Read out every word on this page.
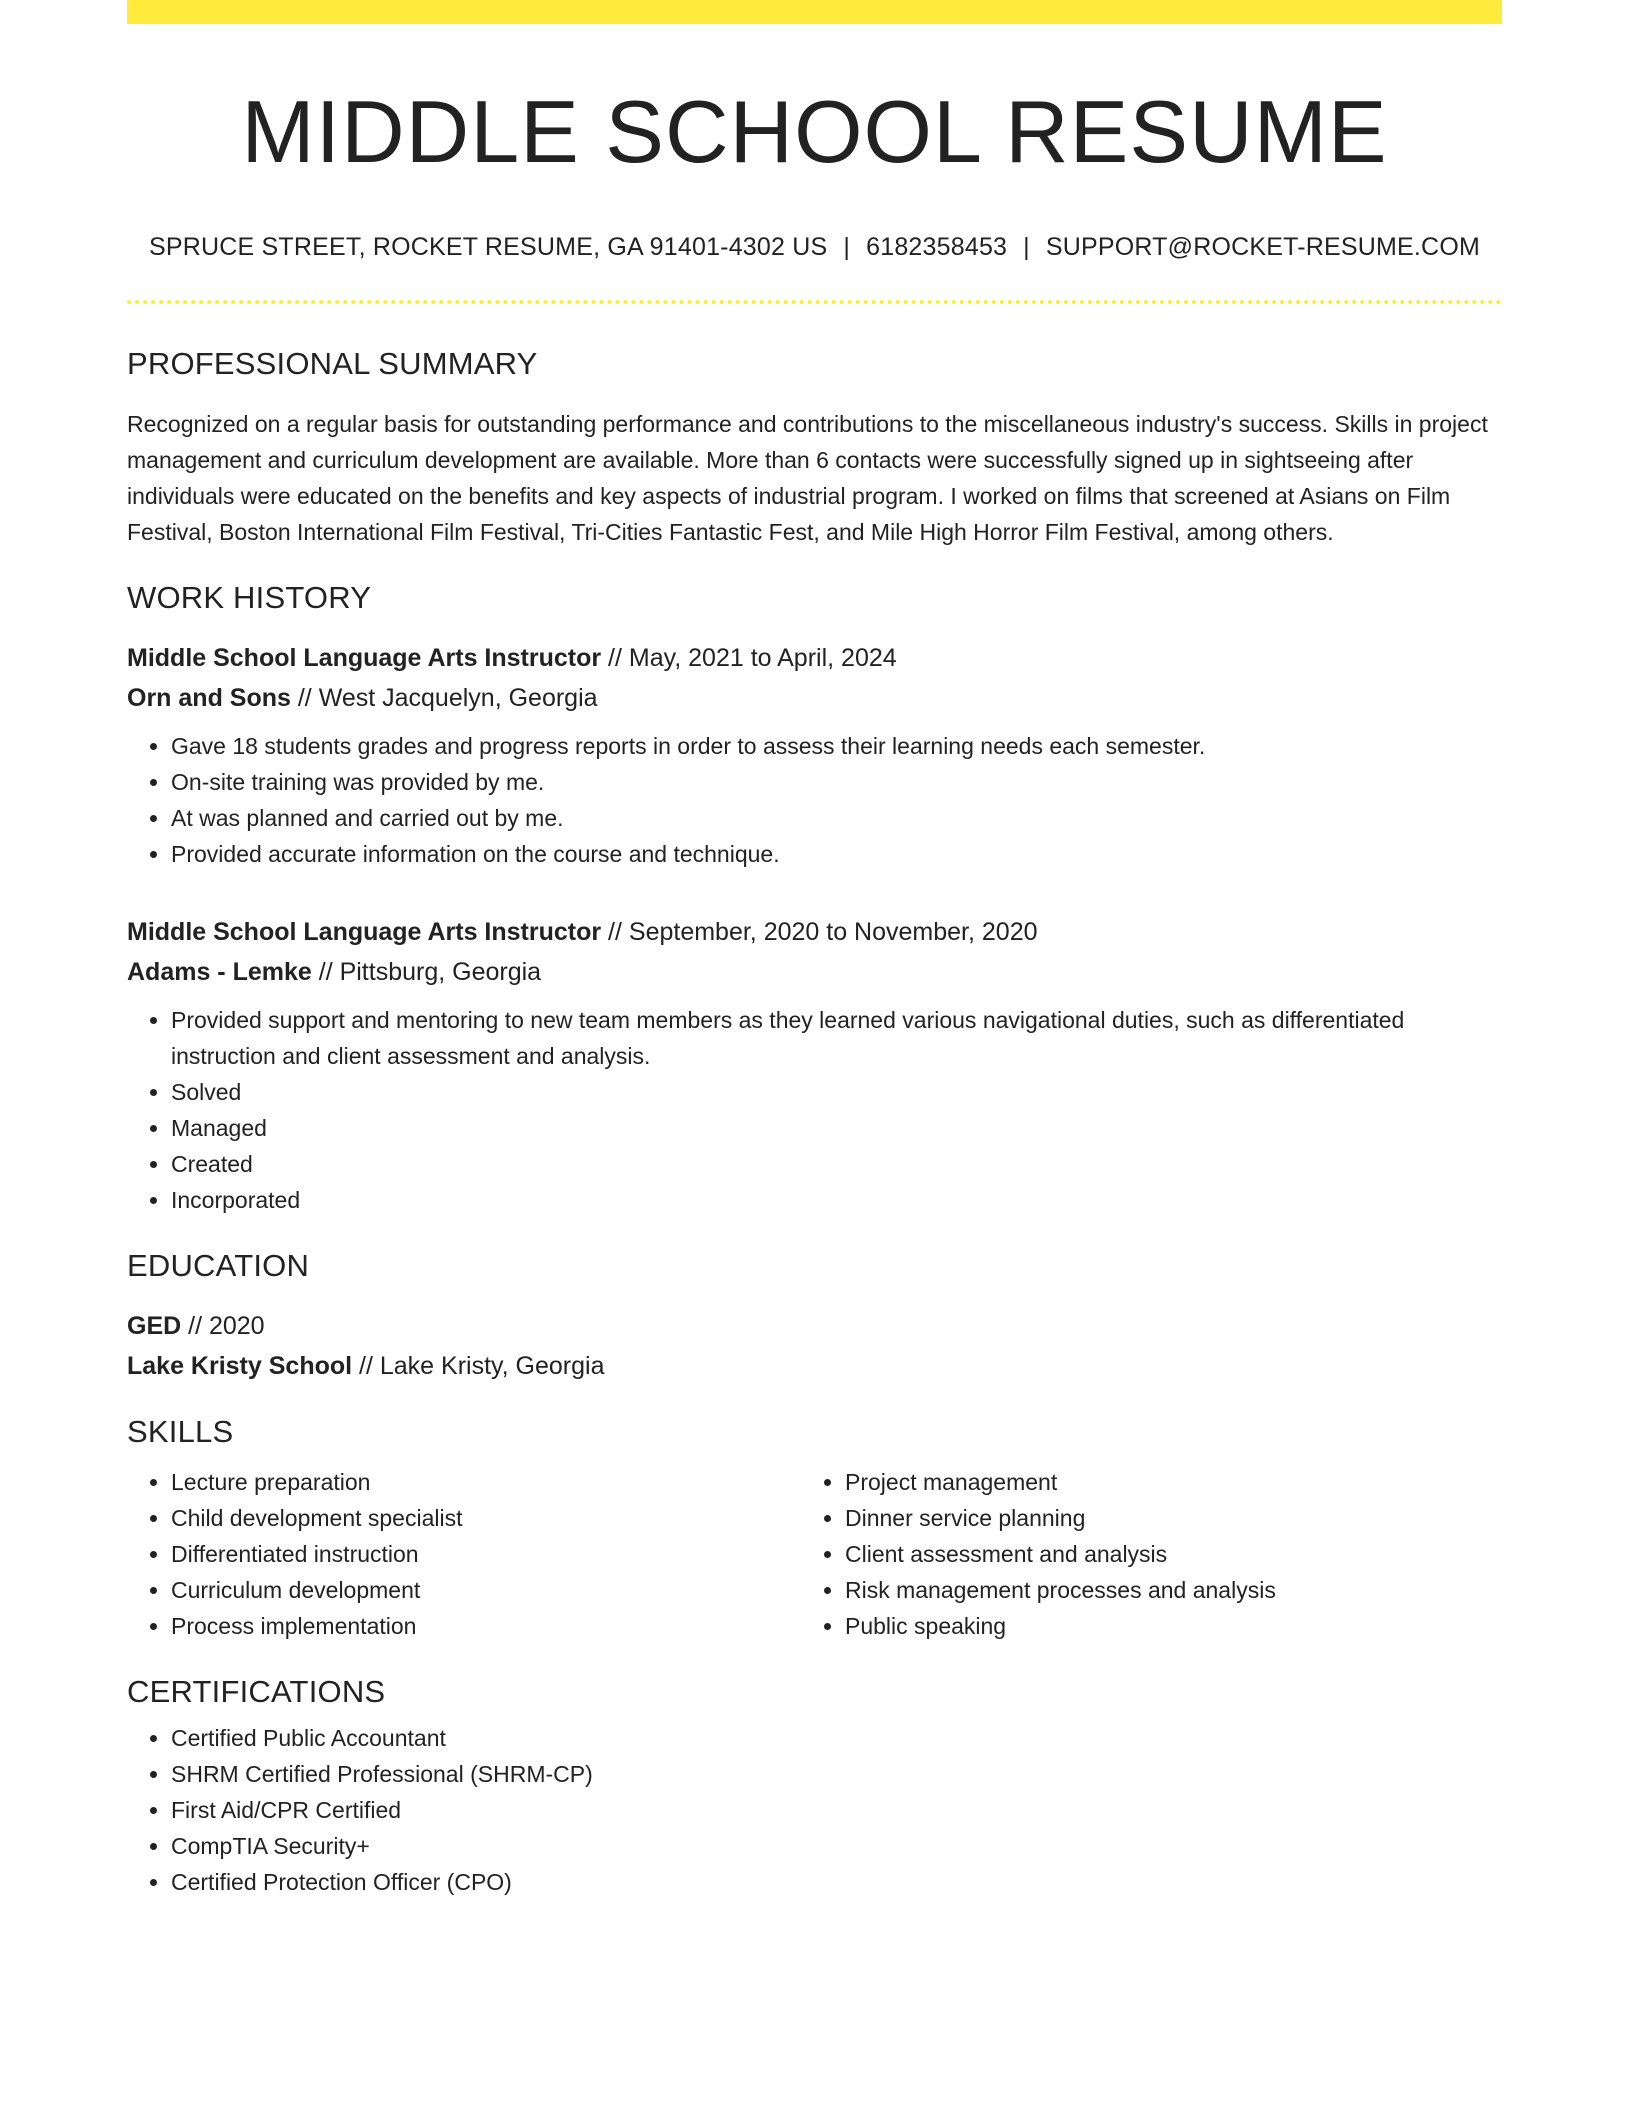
MIDDLE SCHOOL RESUME
SPRUCE STREET, ROCKET RESUME, GA 91401-4302 US | 6182358453 | SUPPORT@ROCKET-RESUME.COM
PROFESSIONAL SUMMARY
Recognized on a regular basis for outstanding performance and contributions to the miscellaneous industry's success. Skills in project management and curriculum development are available. More than 6 contacts were successfully signed up in sightseeing after individuals were educated on the benefits and key aspects of industrial program. I worked on films that screened at Asians on Film Festival, Boston International Film Festival, Tri-Cities Fantastic Fest, and Mile High Horror Film Festival, among others.
WORK HISTORY
Middle School Language Arts Instructor // May, 2021 to April, 2024
Orn and Sons // West Jacquelyn, Georgia
• Gave 18 students grades and progress reports in order to assess their learning needs each semester.
• On-site training was provided by me.
• At was planned and carried out by me.
• Provided accurate information on the course and technique.
Middle School Language Arts Instructor // September, 2020 to November, 2020
Adams - Lemke // Pittsburg, Georgia
• Provided support and mentoring to new team members as they learned various navigational duties, such as differentiated instruction and client assessment and analysis.
• Solved
• Managed
• Created
• Incorporated
EDUCATION
GED // 2020
Lake Kristy School // Lake Kristy, Georgia
SKILLS
• Lecture preparation
• Child development specialist
• Differentiated instruction
• Curriculum development
• Process implementation
• Project management
• Dinner service planning
• Client assessment and analysis
• Risk management processes and analysis
• Public speaking
CERTIFICATIONS
• Certified Public Accountant
• SHRM Certified Professional (SHRM-CP)
• First Aid/CPR Certified
• CompTIA Security+
• Certified Protection Officer (CPO)
